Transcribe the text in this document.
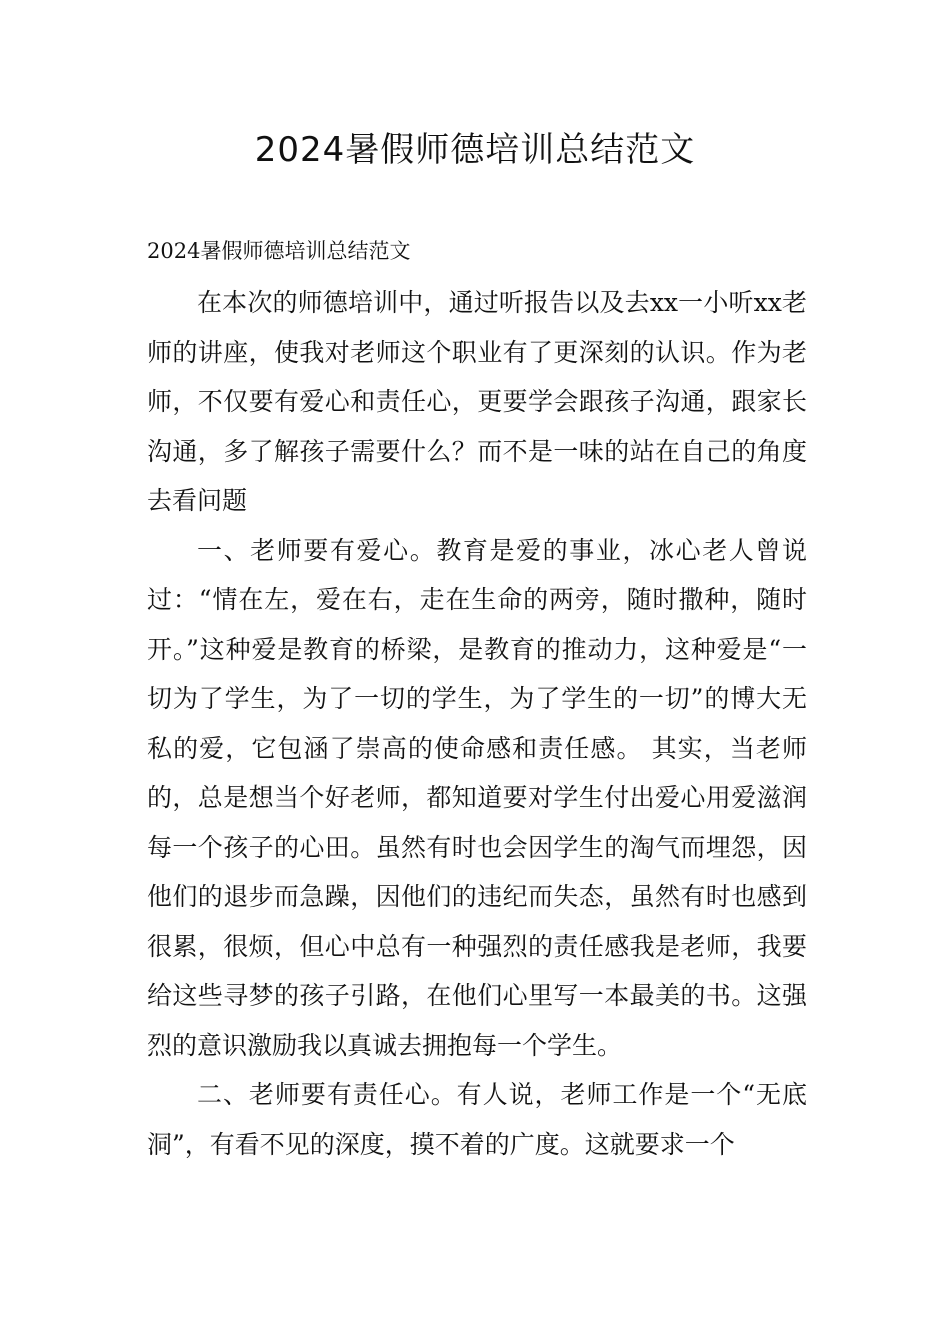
2024暑假师德培训总结范文

2024暑假师德培训总结范文

在本次的师德培训中，通过听报告以及去xx一小听xx老师的讲座，使我对老师这个职业有了更深刻的认识。作为老师，不仅要有爱心和责任心，更要学会跟孩子沟通，跟家长沟通，多了解孩子需要什么？而不是一味的站在自己的角度去看问题

一、老师要有爱心。教育是爱的事业，冰心老人曾说过：“情在左，爱在右，走在生命的两旁，随时撒种，随时开。”这种爱是教育的桥梁，是教育的推动力，这种爱是“一切为了学生，为了一切的学生，为了学生的一切”的博大无私的爱，它包涵了崇高的使命感和责任感。 其实，当老师的，总是想当个好老师，都知道要对学生付出爱心用爱滋润每一个孩子的心田。虽然有时也会因学生的淘气而埋怨，因他们的退步而急躁，因他们的违纪而失态，虽然有时也感到很累，很烦，但心中总有一种强烈的责任感我是老师，我要给这些寻梦的孩子引路，在他们心里写一本最美的书。这强烈的意识激励我以真诚去拥抱每一个学生。

二、老师要有责任心。有人说，老师工作是一个“无底洞”，有看不见的深度，摸不着的广度。这就要求一个
